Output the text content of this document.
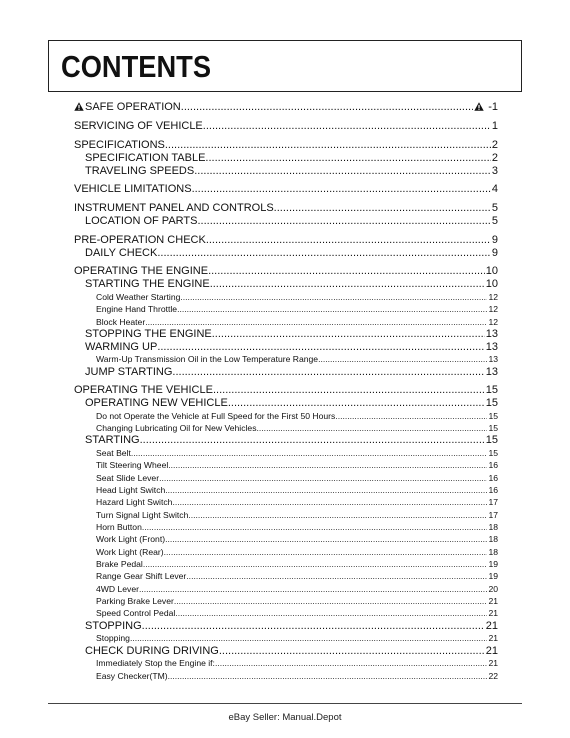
CONTENTS
SAFE OPERATION .....	-1
SERVICING OF VEHICLE .....	1
SPECIFICATIONS .....	2
SPECIFICATION TABLE .....	2
TRAVELING SPEEDS .....	3
VEHICLE LIMITATIONS .....	4
INSTRUMENT PANEL AND CONTROLS .....	5
LOCATION OF PARTS .....	5
PRE-OPERATION CHECK .....	9
DAILY CHECK .....	9
OPERATING THE ENGINE .....	10
STARTING THE ENGINE .....	10
Cold Weather Starting .....	12
Engine Hand Throttle .....	12
Block Heater .....	12
STOPPING THE ENGINE .....	13
WARMING UP .....	13
Warm-Up Transmission Oil in the Low Temperature Range .....	13
JUMP STARTING .....	13
OPERATING THE VEHICLE .....	15
OPERATING NEW VEHICLE .....	15
Do not Operate the Vehicle at Full Speed for the First 50 Hours .....	15
Changing Lubricating Oil for New Vehicles .....	15
STARTING .....	15
Seat Belt .....	15
Tilt Steering Wheel .....	16
Seat Slide Lever .....	16
Head Light Switch .....	16
Hazard Light Switch .....	17
Turn Signal Light Switch .....	17
Horn Button .....	18
Work Light (Front) .....	18
Work Light (Rear) .....	18
Brake Pedal .....	19
Range Gear Shift Lever .....	19
4WD Lever .....	20
Parking Brake Lever .....	21
Speed Control Pedal .....	21
STOPPING .....	21
Stopping .....	21
CHECK DURING DRIVING .....	21
Immediately Stop the Engine if: .....	21
Easy Checker(TM) .....	22
eBay Seller: Manual.Depot
